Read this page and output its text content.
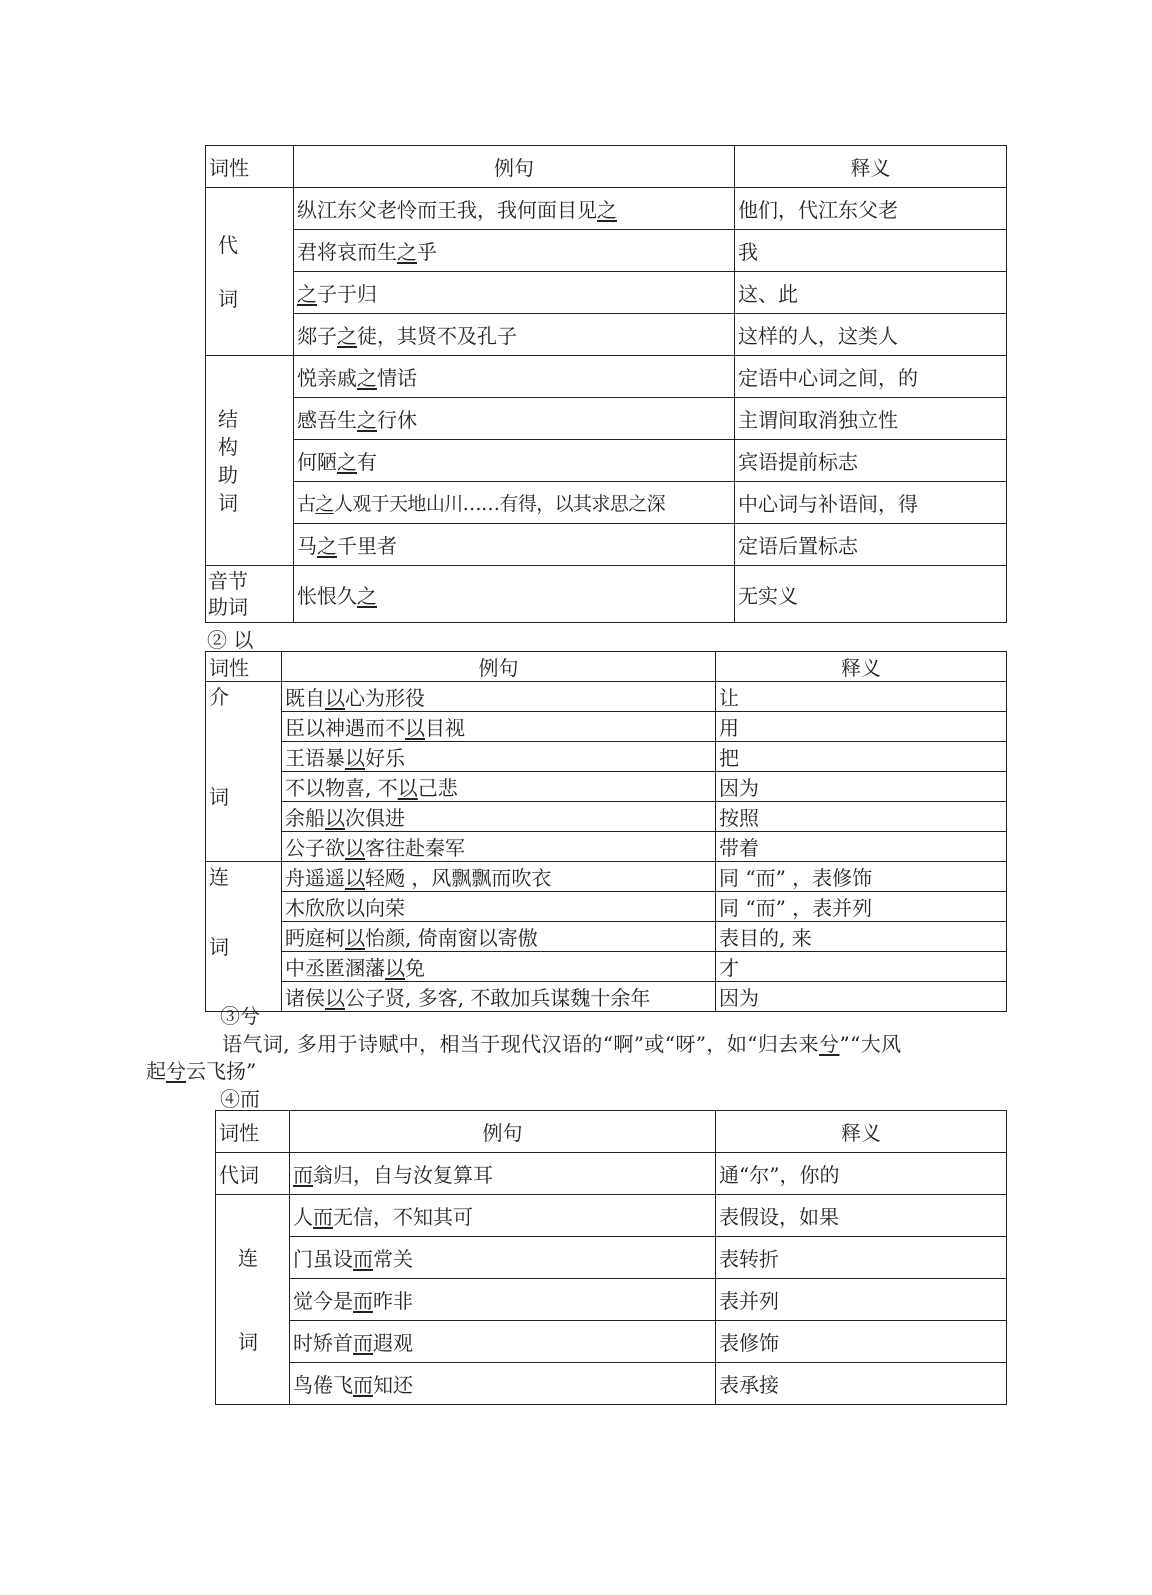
词性	例句	释义

代
词	纵江东父老怜而王我，我何面目见之	他们，代江东父老
	君将哀而生之乎	我
	之子于归	这、此
	郯子之徒，其贤不及孔子	这样的人，这类人

结
构
助
词	悦亲戚之情话	定语中心词之间，的
	感吾生之行休	主谓间取消独立性
	何陋之有	宾语提前标志
	古之人观于天地山川……有得，以其求思之深	中心词与补语间，得
	马之千里者	定语后置标志

音节
助词	怅恨久之	无实义
② 以
词性	例句	释义

介
词	既自以心为形役	让
	臣以神遇而不以目视	用
	王语暴以好乐	把
	不以物喜, 不以己悲	因为
	余船以次俱进	按照
	公子欲以客往赴秦军	带着

连
词	舟遥遥以轻飏 ，风飘飘而吹衣	同 “而” ，表修饰
	木欣欣以向荣	同 “而” ，表并列
	眄庭柯以怡颜, 倚南窗以寄傲	表目的, 来
	中丞匿溷藩以免	才
	诸侯以公子贤, 多客, 不敢加兵谋魏十余年	因为
③兮
语气词, 多用于诗赋中，相当于现代汉语的“啊”或“呀”，如“归去来兮”“大风
起兮云飞扬”
④而
词性	例句	释义
代词	而翁归，自与汝复算耳	通“尔”，你的

连
词	人而无信，不知其可	表假设，如果
	门虽设而常关	表转折
	觉今是而昨非	表并列
	时矫首而遐观	表修饰
	鸟倦飞而知还	表承接
